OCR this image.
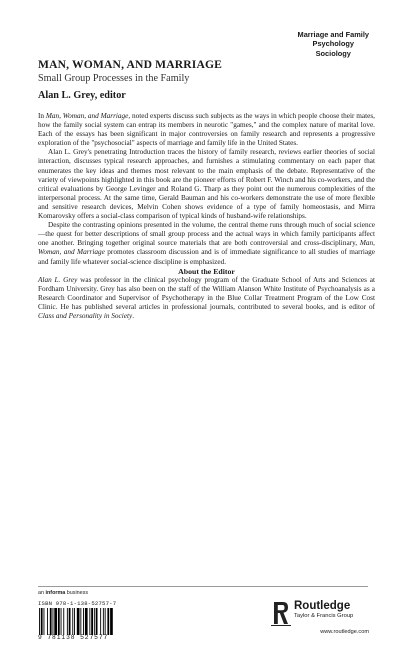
Marriage and Family
Psychology
Sociology
MAN, WOMAN, AND MARRIAGE
Small Group Processes in the Family
Alan L. Grey, editor

In Man, Woman, and Marriage, noted experts discuss such subjects as the ways in which people choose their mates, how the family social system can entrap its members in neurotic "games," and the complex nature of marital love. Each of the essays has been significant in major controversies on family research and represents a progressive exploration of the "psychosocial" aspects of marriage and family life in the United States.

Alan L. Grey's penetrating Introduction traces the history of family research, reviews earlier theories of social interaction, discusses typical research approaches, and furnishes a stimulating commentary on each paper that enumerates the key ideas and themes most relevant to the main emphasis of the debate. Representative of the variety of viewpoints highlighted in this book are the pioneer efforts of Robert F. Winch and his co-workers, and the critical evaluations by George Levinger and Roland G. Tharp as they point out the numerous complexities of the interpersonal process. At the same time, Gerald Bauman and his co-workers demonstrate the use of more flexible and sensitive research devices, Melvin Cohen shows evidence of a type of family homeostasis, and Mirra Komarovsky offers a social-class comparison of typical kinds of husband-wife relationships.

Despite the contrasting opinions presented in the volume, the central theme runs through much of social science—the quest for better descriptions of small group process and the actual ways in which family participants affect one another. Bringing together original source materials that are both controversial and cross-disciplinary, Man, Woman, and Marriage promotes classroom discussion and is of immediate significance to all studies of marriage and family life whatever social-science discipline is emphasized.

About the Editor

Alan L. Grey was professor in the clinical psychology program of the Graduate School of Arts and Sciences at Fordham University. Grey has also been on the staff of the William Alanson White Institute of Psychoanalysis as a Research Coordinator and Supervisor of Psychotherapy in the Blue Collar Treatment Program of the Low Cost Clinic. He has published several articles in professional journals, contributed to several books, and is editor of Class and Personality in Society.

an informa business
ISBN 978-1-138-52757-7
9 781138 527577
Routledge
Taylor & Francis Group
www.routledge.com
